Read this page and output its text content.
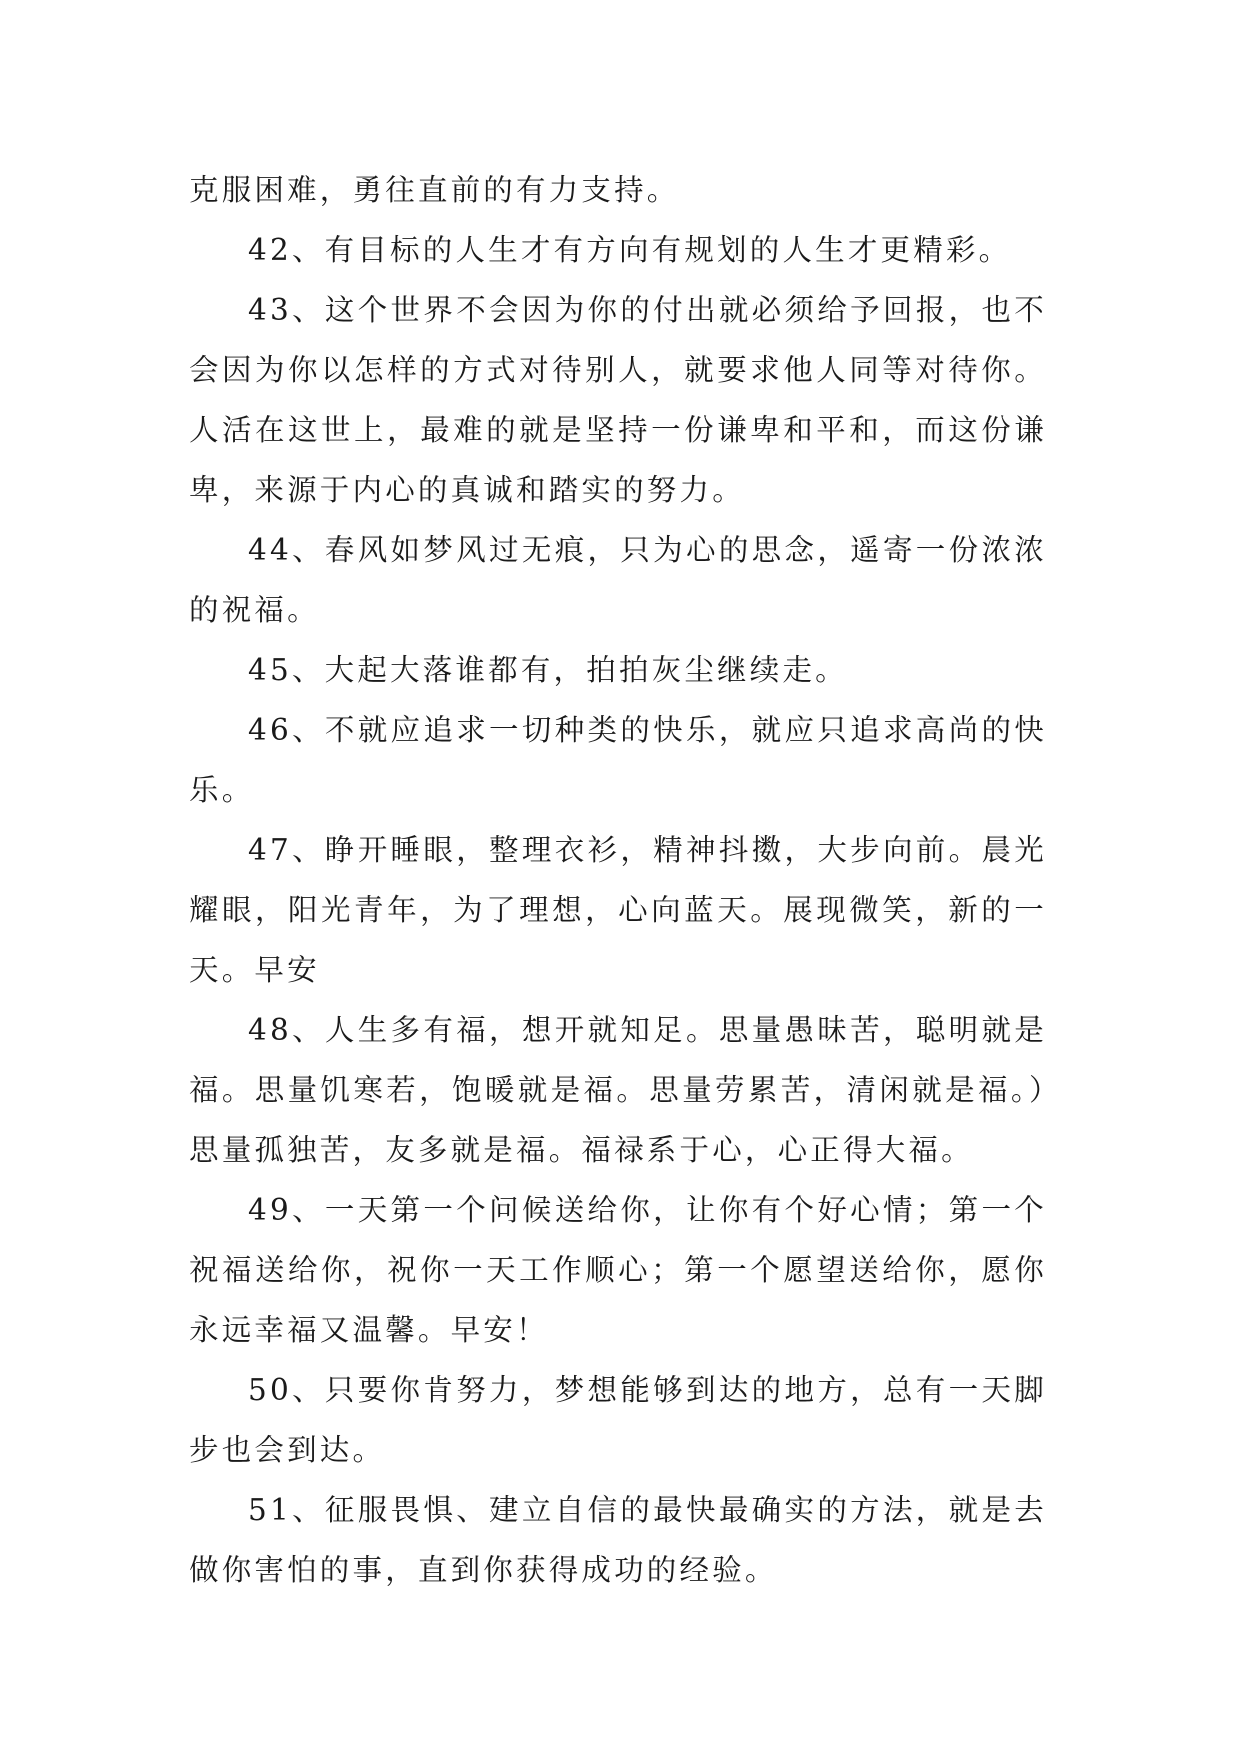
克服困难，勇往直前的有力支持。

42、有目标的人生才有方向有规划的人生才更精彩。

43、这个世界不会因为你的付出就必须给予回报，也不会因为你以怎样的方式对待别人，就要求他人同等对待你。人活在这世上，最难的就是坚持一份谦卑和平和，而这份谦卑，来源于内心的真诚和踏实的努力。

44、春风如梦风过无痕，只为心的思念，遥寄一份浓浓的祝福。

45、大起大落谁都有，拍拍灰尘继续走。

46、不就应追求一切种类的快乐，就应只追求高尚的快乐。

47、睁开睡眼，整理衣衫，精神抖擞，大步向前。晨光耀眼，阳光青年，为了理想，心向蓝天。展现微笑，新的一天。早安

48、人生多有福，想开就知足。思量愚昧苦，聪明就是福。思量饥寒若，饱暖就是福。思量劳累苦，清闲就是福。）思量孤独苦，友多就是福。福禄系于心，心正得大福。

49、一天第一个问候送给你，让你有个好心情；第一个祝福送给你，祝你一天工作顺心；第一个愿望送给你，愿你永远幸福又温馨。早安！

50、只要你肯努力，梦想能够到达的地方，总有一天脚步也会到达。

51、征服畏惧、建立自信的最快最确实的方法，就是去做你害怕的事，直到你获得成功的经验。
